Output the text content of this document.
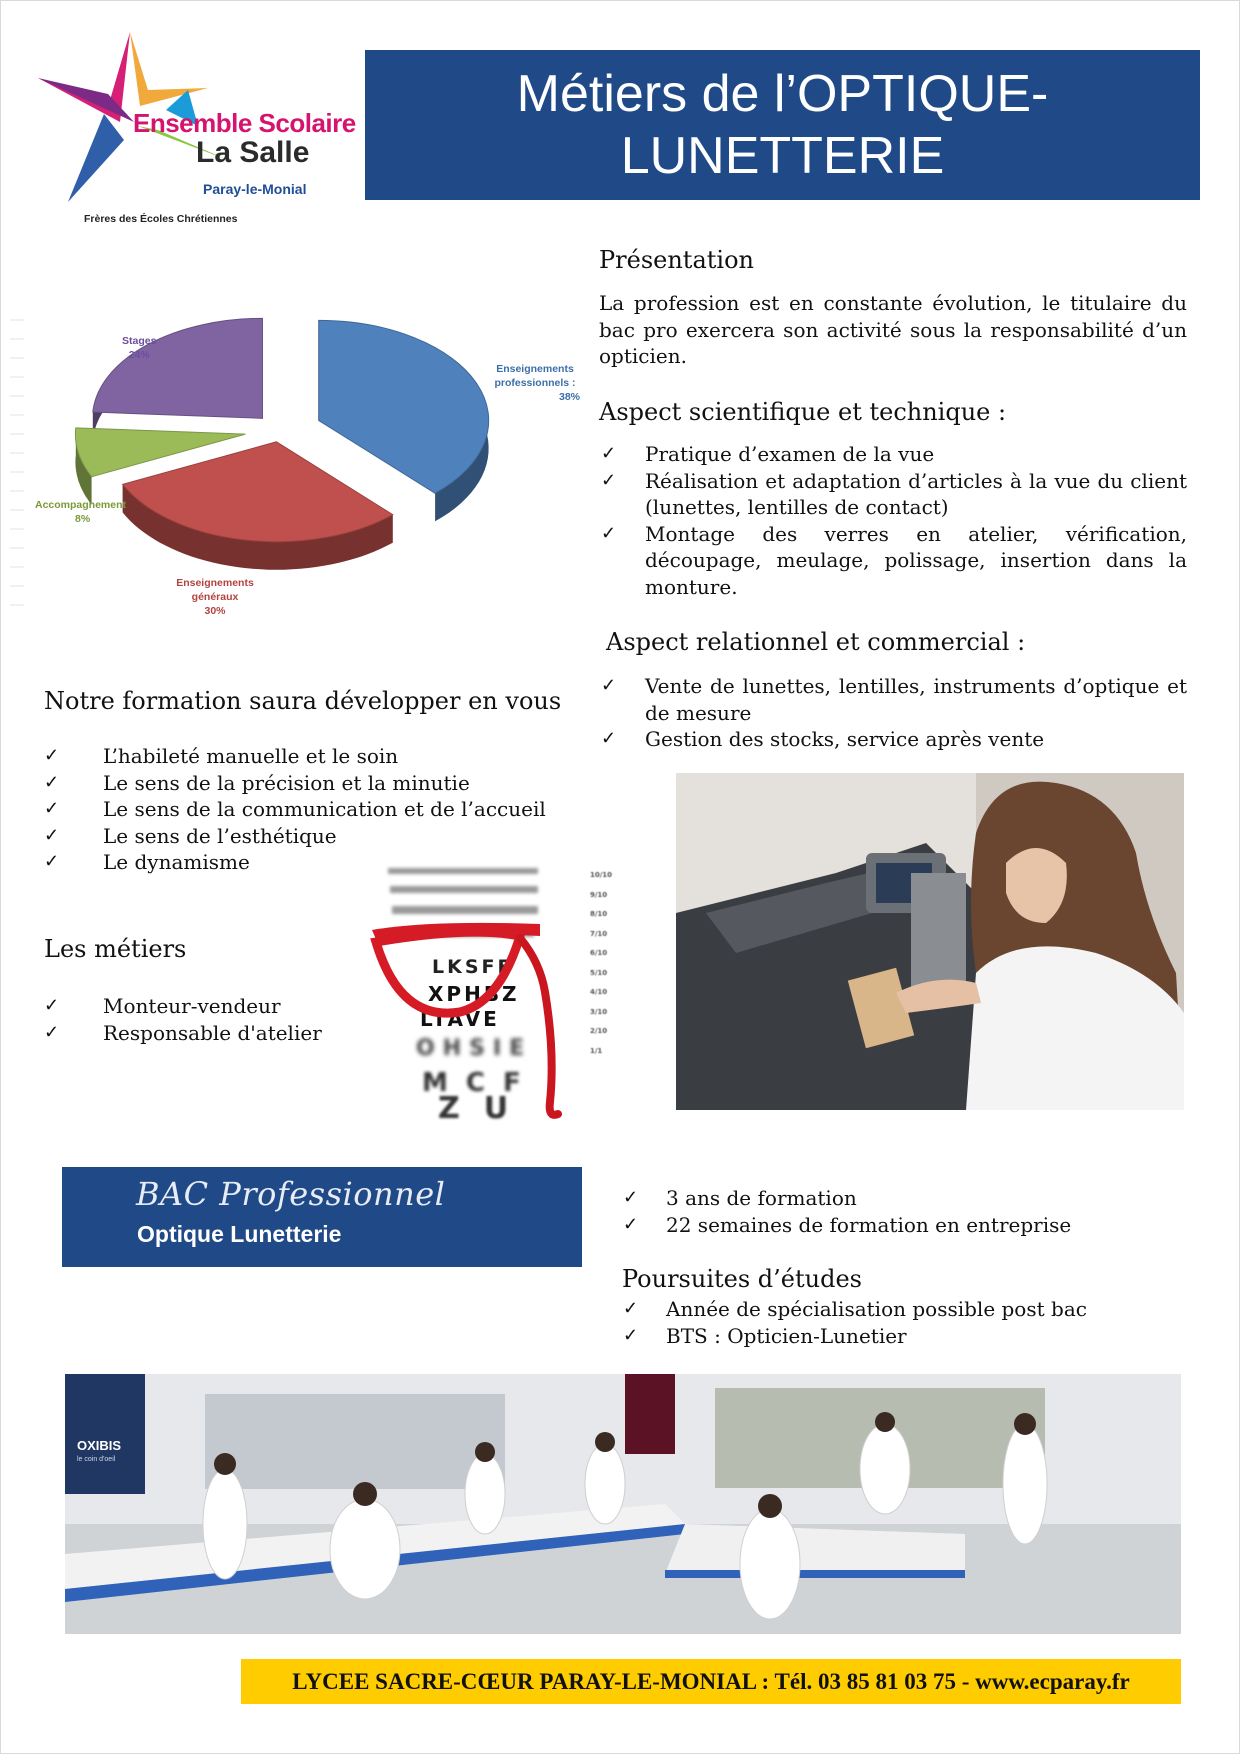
Ensemble Scolaire
La Salle
Paray-le-Monial
Frères des Écoles Chrétiennes
Métiers de l’OPTIQUE-
LUNETTERIE
Présentation
La profession est en constante évolution, le titulaire du bac pro exercera son activité sous la responsabilité d’un opticien.
Aspect scientifique et technique :
✓ Pratique d’examen de la vue
✓ Réalisation et adaptation d’articles à la vue du client (lunettes, lentilles de contact)
✓ Montage des verres en atelier, vérification, découpage, meulage, polissage, insertion dans la monture.
Aspect relationnel et commercial :
✓ Vente de lunettes, lentilles, instruments d’optique et de mesure
✓ Gestion des stocks, service après vente
Stages
24%
Enseignements professionnels :
38%
Accompagnement
8%
Enseignements généraux
30%
Notre formation saura développer en vous
✓ L’habileté manuelle et le soin
✓ Le sens de la précision et la minutie
✓ Le sens de la communication et de l’accueil
✓ Le sens de l’esthétique
✓ Le dynamisme
Les métiers
✓ Monteur-vendeur
✓ Responsable d'atelier
LKSFE
XPHBZ
LTAVE
OHSIE
MCF
ZU
10/10
9/10
8/10
7/10
6/10
5/10
4/10
3/10
2/10
1/1
BAC Professionnel
Optique Lunetterie
✓ 3 ans de formation
✓ 22 semaines de formation en entreprise
Poursuites d’études
✓ Année de spécialisation possible post bac
✓ BTS : Opticien-Lunetier
OXIBIS
le coin d'oeil
LYCEE SACRE-CŒUR PARAY-LE-MONIAL : Tél. 03 85 81 03 75 - www.ecparay.fr
